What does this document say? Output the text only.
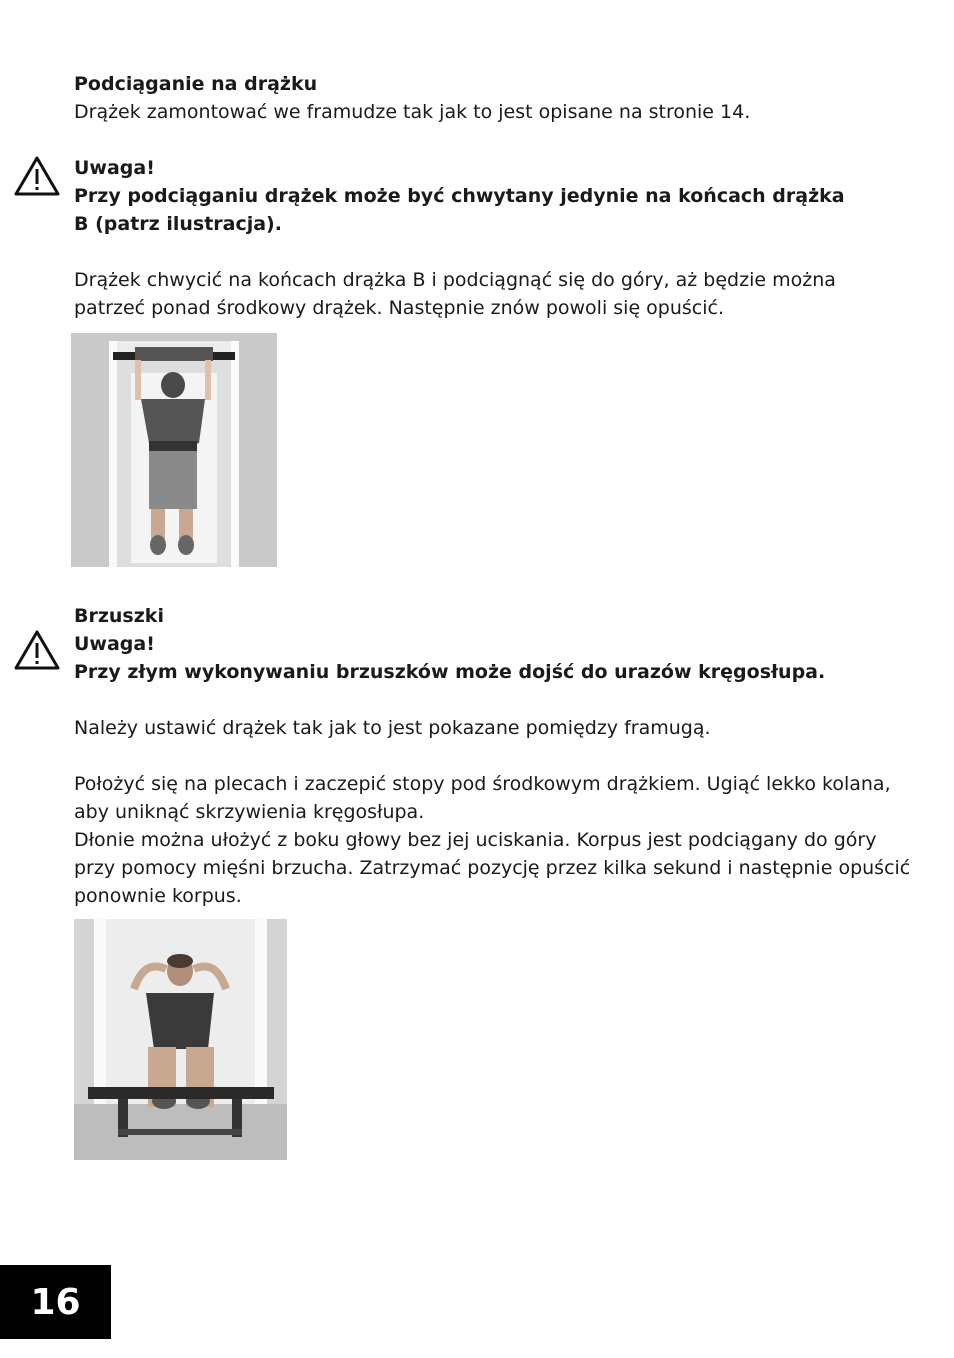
Podciąganie na drążku
Drążek zamontować we framudze tak jak to jest opisane na stronie 14.
Uwaga!
Przy podciąganiu drążek może być chwytany jedynie na końcach drążka
B (patrz ilustracja).
Drążek chwycić na końcach drążka B i podciągnąć się do góry, aż będzie można
patrzeć ponad środkowy drążek. Następnie znów powoli się opuścić.
Brzuszki
Uwaga!
Przy złym wykonywaniu brzuszków może dojść do urazów kręgosłupa.
Należy ustawić drążek tak jak to jest pokazane pomiędzy framugą.
Położyć się na plecach i zaczepić stopy pod środkowym drążkiem. Ugiąć lekko kolana,
aby uniknąć skrzywienia kręgosłupa.
Dłonie można ułożyć z boku głowy bez jej uciskania. Korpus jest podciągany do góry
przy pomocy mięśni brzucha. Zatrzymać pozycję przez kilka sekund i następnie opuścić
ponownie korpus.
16
